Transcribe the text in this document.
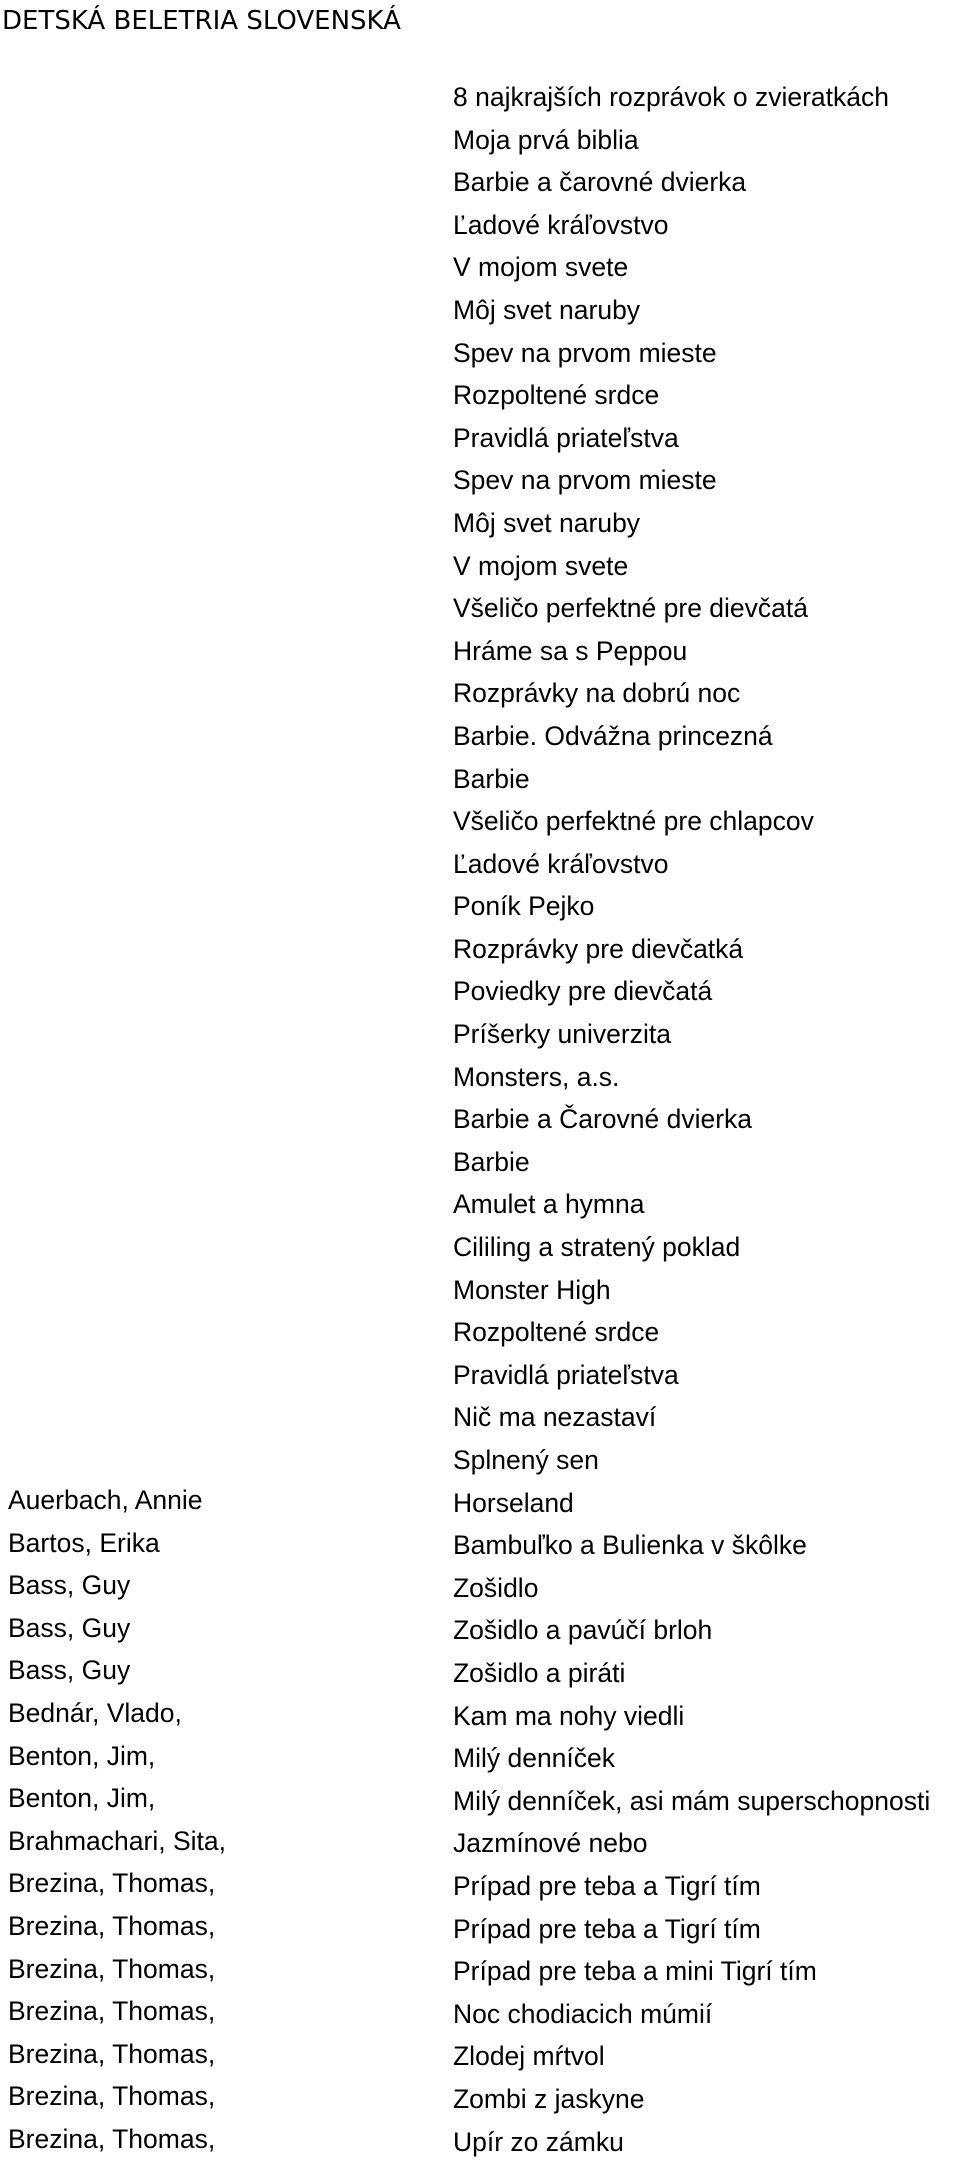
DETSKÁ BELETRIA SLOVENSKÁ
8 najkrajších rozprávok o zvieratkách
Moja prvá biblia
Barbie a čarovné dvierka
Ľadové kráľovstvo
V mojom svete
Môj svet naruby
Spev na prvom mieste
Rozpoltené srdce
Pravidlá priateľstva
Spev na prvom mieste
Môj svet naruby
V mojom svete
Všeličo perfektné pre dievčatá
Hráme sa s Peppou
Rozprávky na dobrú noc
Barbie. Odvážna princezná
Barbie
Všeličo perfektné pre chlapcov
Ľadové kráľovstvo
Poník Pejko
Rozprávky pre dievčatká
Poviedky pre dievčatá
Príšerky univerzita
Monsters, a.s.
Barbie a Čarovné dvierka
Barbie
Amulet a hymna
Cililing a stratený poklad
Monster High
Rozpoltené srdce
Pravidlá priateľstva
Nič ma nezastaví
Splnený sen
Horseland
Bambuľko a Bulienka v škôlke
Zošidlo
Zošidlo a pavúčí brloh
Zošidlo a piráti
Kam ma nohy viedli
Milý denníček
Milý denníček, asi mám superschopnosti
Jazmínové nebo
Prípad pre teba a Tigrí tím
Prípad pre teba a Tigrí tím
Prípad pre teba a mini Tigrí tím
Noc chodiacich múmií
Zlodej mŕtvol
Zombi z jaskyne
Upír zo zámku
Auerbach, Annie
Bartos, Erika
Bass, Guy
Bass, Guy
Bass, Guy
Bednár, Vlado,
Benton, Jim,
Benton, Jim,
Brahmachari, Sita,
Brezina, Thomas,
Brezina, Thomas,
Brezina, Thomas,
Brezina, Thomas,
Brezina, Thomas,
Brezina, Thomas,
Brezina, Thomas,
